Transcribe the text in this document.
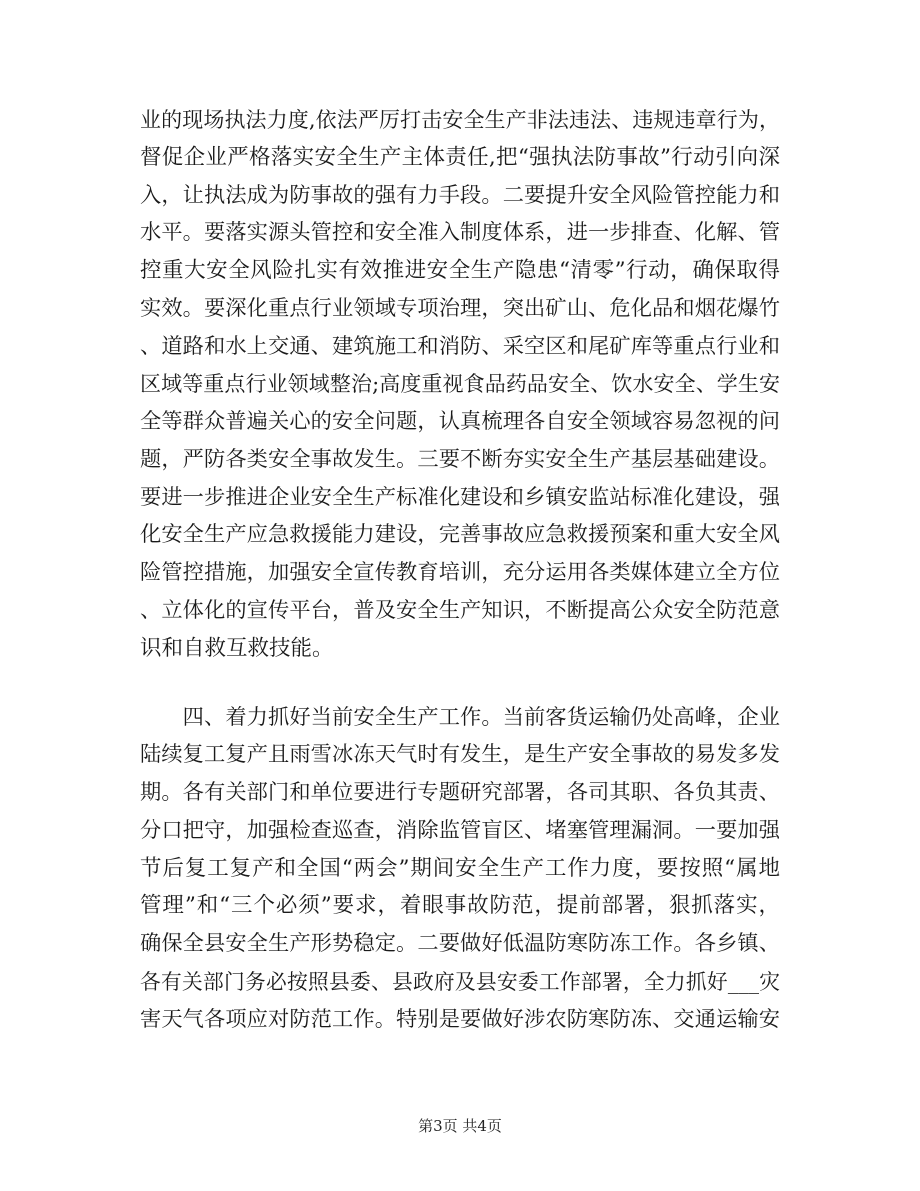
业的现场执法力度,依法严厉打击安全生产非法违法、违规违章行为，
督促企业严格落实安全生产主体责任,把“强执法防事故”行动引向深
入，让执法成为防事故的强有力手段。二要提升安全风险管控能力和
水平。要落实源头管控和安全准入制度体系，进一步排查、化解、管
控重大安全风险扎实有效推进安全生产隐患“清零”行动，确保取得
实效。要深化重点行业领域专项治理，突出矿山、危化品和烟花爆竹
、道路和水上交通、建筑施工和消防、采空区和尾矿库等重点行业和
区域等重点行业领域整治;高度重视食品药品安全、饮水安全、学生安
全等群众普遍关心的安全问题，认真梳理各自安全领域容易忽视的问
题，严防各类安全事故发生。三要不断夯实安全生产基层基础建设。
要进一步推进企业安全生产标准化建设和乡镇安监站标准化建设，强
化安全生产应急救援能力建设，完善事故应急救援预案和重大安全风
险管控措施，加强安全宣传教育培训，充分运用各类媒体建立全方位
、立体化的宣传平台，普及安全生产知识，不断提高公众安全防范意
识和自救互救技能。
　　四、着力抓好当前安全生产工作。当前客货运输仍处高峰，企业
陆续复工复产且雨雪冰冻天气时有发生，是生产安全事故的易发多发
期。各有关部门和单位要进行专题研究部署，各司其职、各负其责、
分口把守，加强检查巡查，消除监管盲区、堵塞管理漏洞。一要加强
节后复工复产和全国“两会”期间安全生产工作力度，要按照“属地
管理”和“三个必须”要求，着眼事故防范，提前部署，狠抓落实，
确保全县安全生产形势稳定。二要做好低温防寒防冻工作。各乡镇、
各有关部门务必按照县委、县政府及县安委工作部署，全力抓好___灾
害天气各项应对防范工作。特别是要做好涉农防寒防冻、交通运输安
第3页 共4页
